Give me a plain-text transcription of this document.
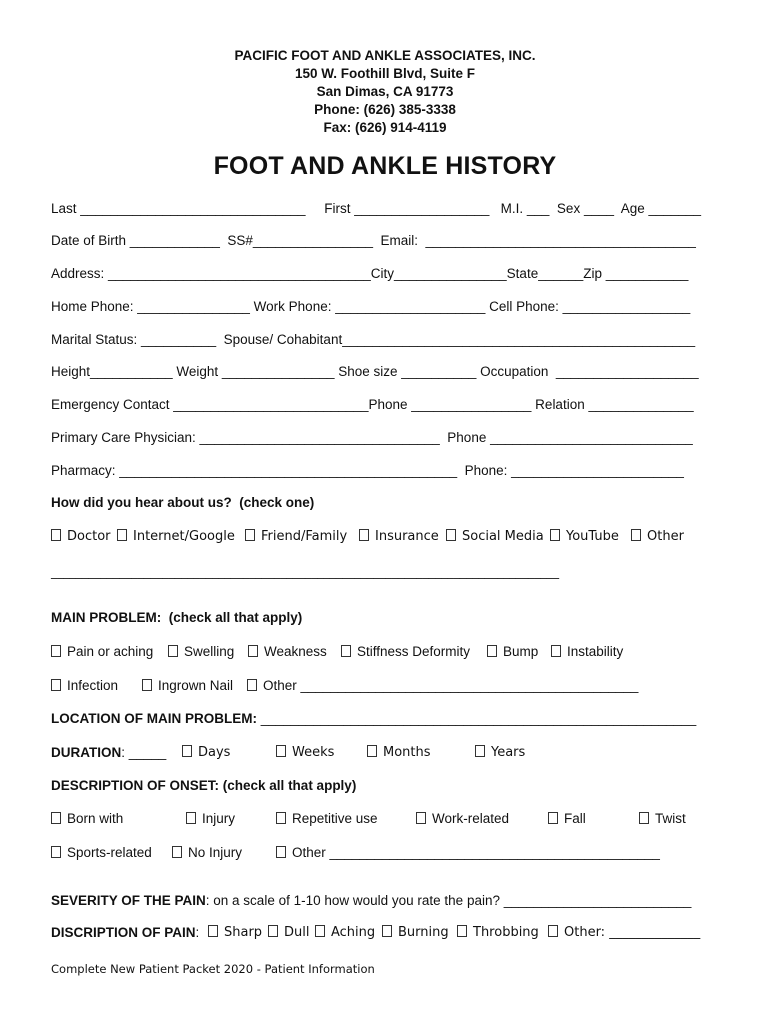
PACIFIC FOOT AND ANKLE ASSOCIATES, INC.
150 W. Foothill Blvd, Suite F
San Dimas, CA 91773
Phone: (626) 385-3338
Fax: (626) 914-4119
FOOT AND ANKLE HISTORY
Last ______________________________     First __________________   M.I. ___  Sex ____  Age _______
Date of Birth ____________  SS#________________  Email:  ____________________________________
Address: ___________________________________City_______________State______Zip ___________
Home Phone: _______________ Work Phone: ____________________ Cell Phone: _________________
Marital Status: __________  Spouse/ Cohabitant_______________________________________________
Height___________ Weight _______________ Shoe size __________ Occupation  ___________________
Emergency Contact __________________________Phone ________________ Relation ______________
Primary Care Physician: ________________________________  Phone ___________________________
Pharmacy: _____________________________________________  Phone: _______________________
How did you hear about us?  (check one)
Doctor	Internet/Google	Friend/Family	Insurance	Social Media	YouTube	Other
__________________________________________________________________________________
MAIN PROBLEM:  (check all that apply)
Pain or aching	Swelling	Weakness	Stiffness Deformity	Bump	Instability
Infection	Ingrown Nail	Other _____________________________________________
LOCATION OF MAIN PROBLEM: __________________________________________________________
DURATION: _____	Days	Weeks	Months	Years
DESCRIPTION OF ONSET: (check all that apply)
Born with	Injury	Repetitive use	Work-related	Fall	Twist
Sports-related	No Injury	Other ____________________________________________
SEVERITY OF THE PAIN: on a scale of 1-10 how would you rate the pain? _________________________
DISCRIPTION OF PAIN:	Sharp	Dull	Aching	Burning	Throbbing	Other: ______________
Complete New Patient Packet 2020 - Patient Information
